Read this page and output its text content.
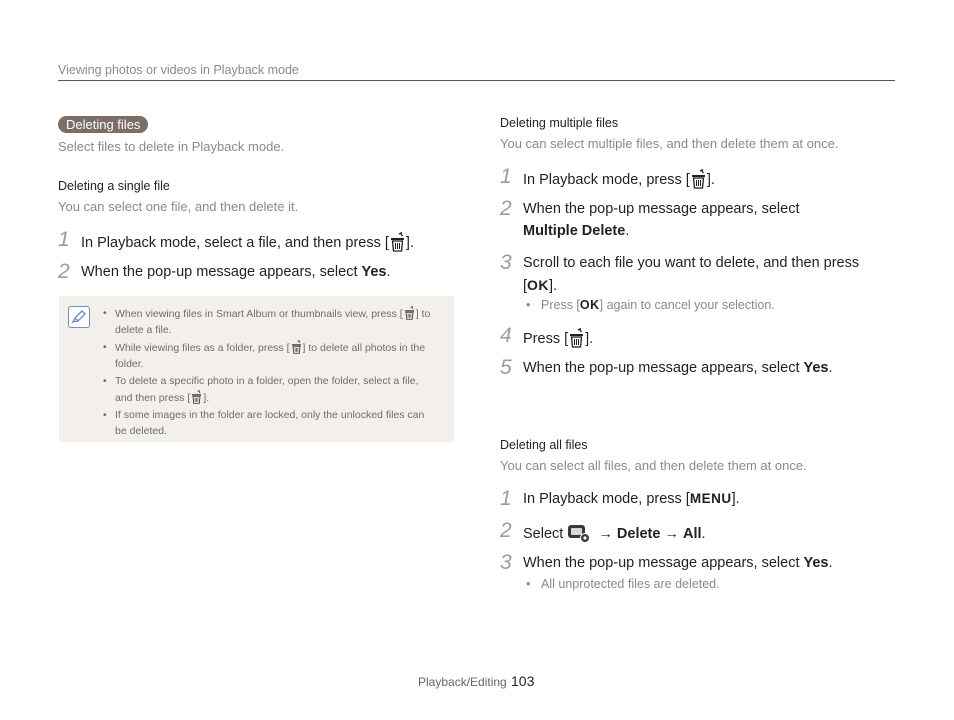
Viewing photos or videos in Playback mode
Deleting files
Select files to delete in Playback mode.
Deleting a single file
You can select one file, and then delete it.
1 In Playback mode, select a file, and then press [ ].
2 When the pop-up message appears, select Yes.
• When viewing files in Smart Album or thumbnails view, press [ ] to delete a file.
• While viewing files as a folder, press [ ] to delete all photos in the folder.
• To delete a specific photo in a folder, open the folder, select a file, and then press [ ].
• If some images in the folder are locked, only the unlocked files can be deleted.
Deleting multiple files
You can select multiple files, and then delete them at once.
1 In Playback mode, press [ ].
2 When the pop-up message appears, select
Multiple Delete.
3 Scroll to each file you want to delete, and then press
[OK].
• Press [OK] again to cancel your selection.
4 Press [ ].
5 When the pop-up message appears, select Yes.
Deleting all files
You can select all files, and then delete them at once.
1 In Playback mode, press [MENU].
2 Select  → Delete → All.
3 When the pop-up message appears, select Yes.
• All unprotected files are deleted.
Playback/Editing 103
